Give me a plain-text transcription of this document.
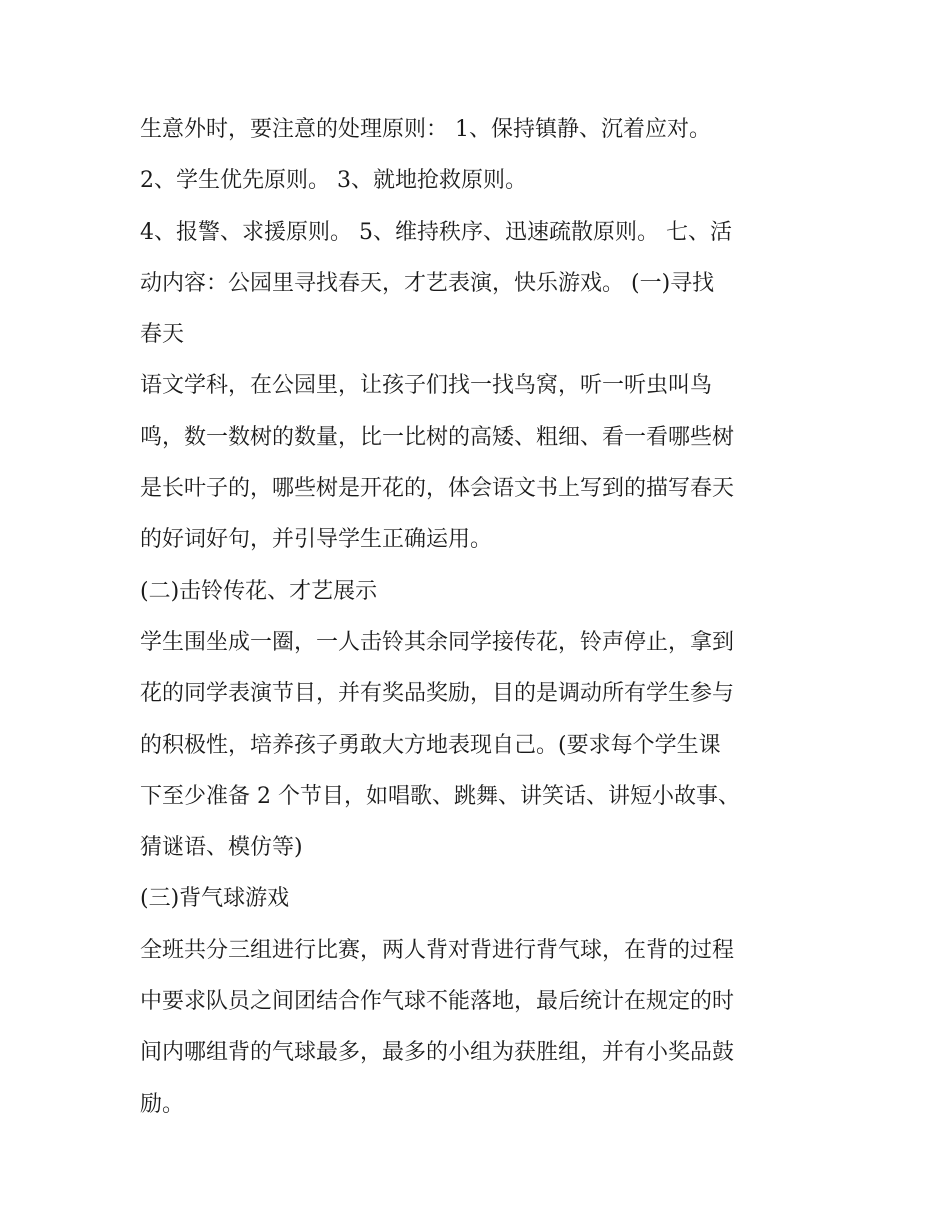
生意外时，要注意的处理原则： 1、保持镇静、沉着应对。

2、学生优先原则。 3、就地抢救原则。

4、报警、求援原则。 5、维持秩序、迅速疏散原则。 七、活
动内容：公园里寻找春天，才艺表演，快乐游戏。 (一)寻找
春天

语文学科，在公园里，让孩子们找一找鸟窝，听一听虫叫鸟
鸣，数一数树的数量，比一比树的高矮、粗细、看一看哪些树
是长叶子的，哪些树是开花的，体会语文书上写到的描写春天
的好词好句，并引导学生正确运用。

(二)击铃传花、才艺展示

学生围坐成一圈，一人击铃其余同学接传花，铃声停止，拿到
花的同学表演节目，并有奖品奖励，目的是调动所有学生参与
的积极性，培养孩子勇敢大方地表现自己。(要求每个学生课
下至少准备 2 个节目，如唱歌、跳舞、讲笑话、讲短小故事、
猜谜语、模仿等)

(三)背气球游戏

全班共分三组进行比赛，两人背对背进行背气球，在背的过程
中要求队员之间团结合作气球不能落地，最后统计在规定的时
间内哪组背的气球最多，最多的小组为获胜组，并有小奖品鼓
励。
